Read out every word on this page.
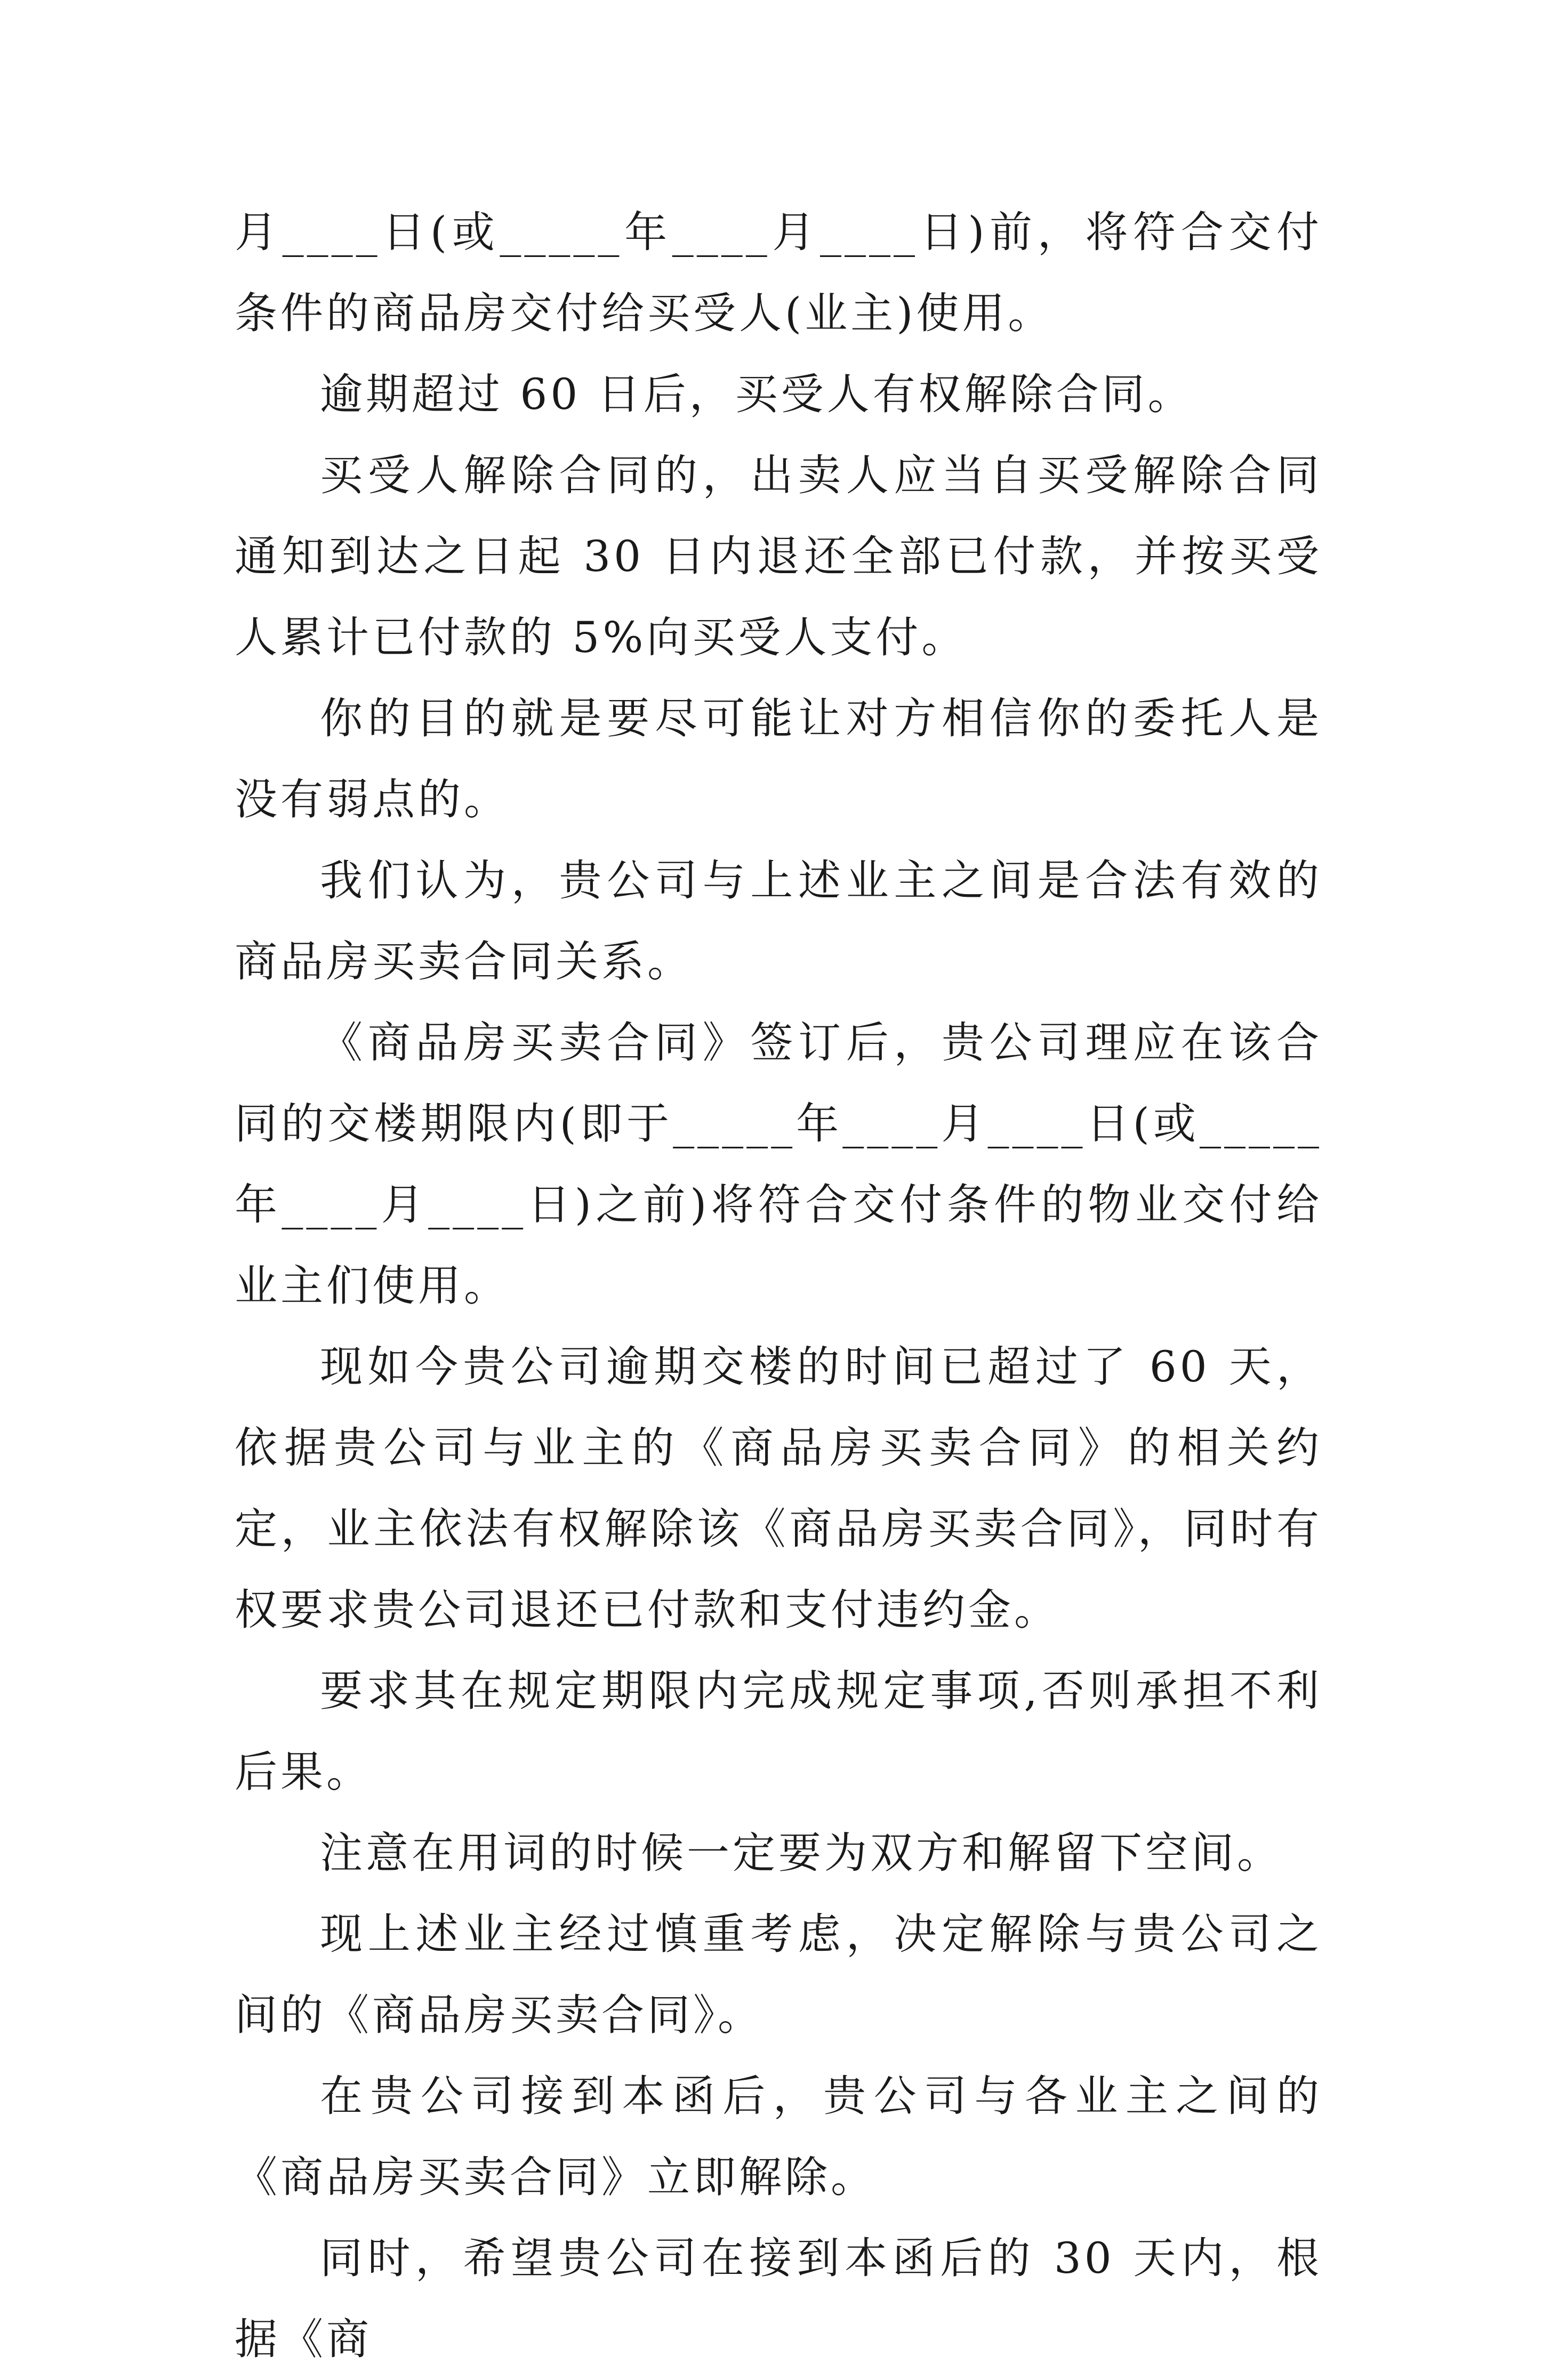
月____日(或_____年____月____日)前，将符合交付条件的商品房交付给买受人(业主)使用。

逾期超过 60 日后，买受人有权解除合同。

买受人解除合同的，出卖人应当自买受解除合同通知到达之日起 30 日内退还全部已付款，并按买受人累计已付款的 5%向买受人支付。

你的目的就是要尽可能让对方相信你的委托人是没有弱点的。

我们认为，贵公司与上述业主之间是合法有效的商品房买卖合同关系。

《商品房买卖合同》签订后，贵公司理应在该合同的交楼期限内(即于_____年____月____日(或_____年____月____日)之前)将符合交付条件的物业交付给业主们使用。

现如今贵公司逾期交楼的时间已超过了 60 天，依据贵公司与业主的《商品房买卖合同》的相关约定，业主依法有权解除该《商品房买卖合同》，同时有权要求贵公司退还已付款和支付违约金。

要求其在规定期限内完成规定事项,否则承担不利后果。

注意在用词的时候一定要为双方和解留下空间。

现上述业主经过慎重考虑，决定解除与贵公司之间的《商品房买卖合同》。

在贵公司接到本函后，贵公司与各业主之间的《商品房买卖合同》立即解除。

同时，希望贵公司在接到本函后的 30 天内，根据《商
